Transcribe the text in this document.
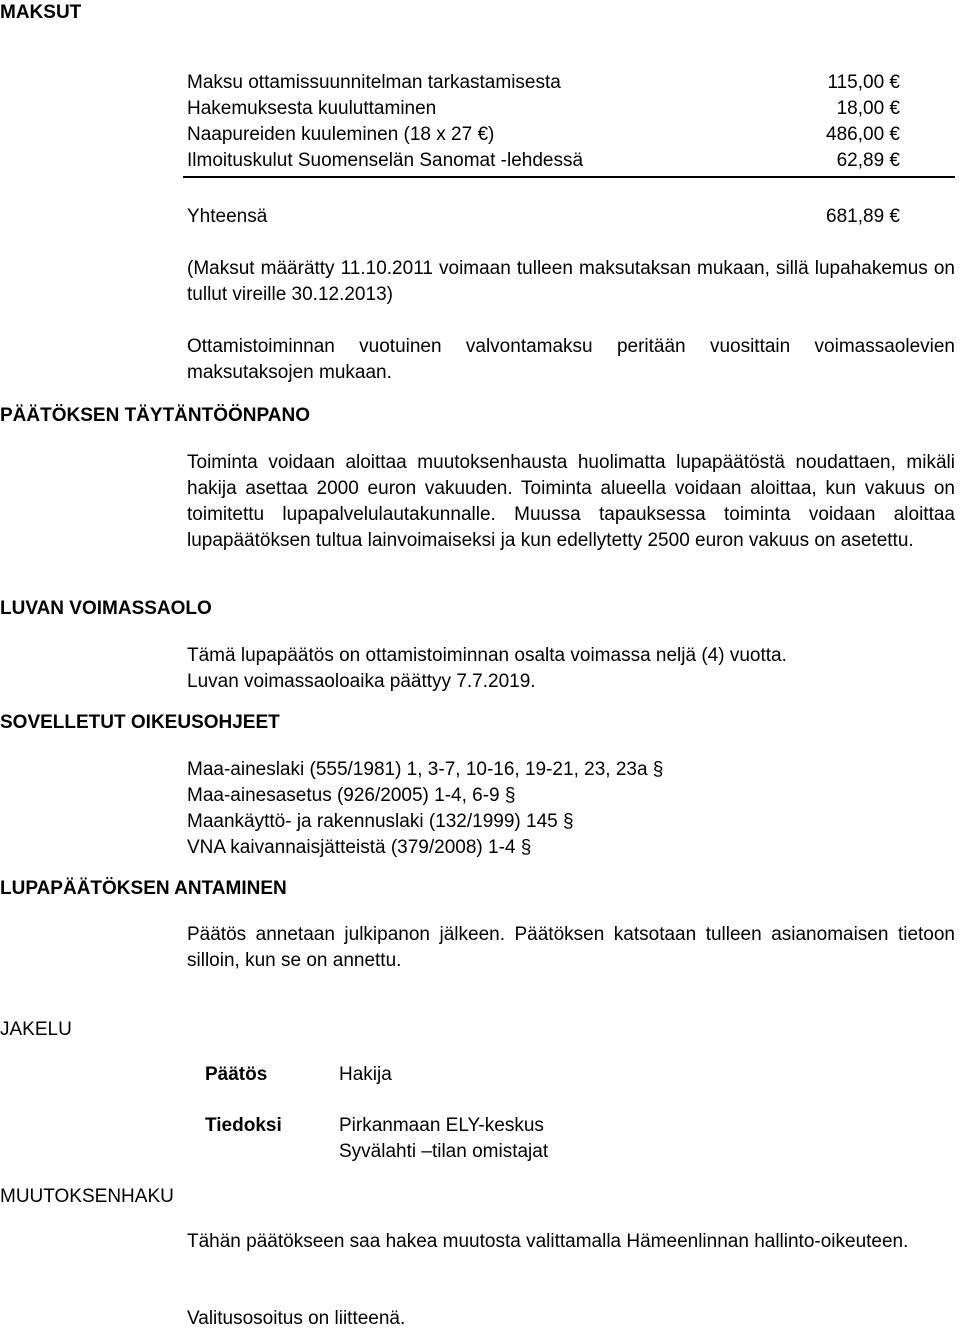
MAKSUT
PÄÄTÖKSEN TÄYTÄNTÖÖNPANO
LUVAN VOIMASSAOLO
SOVELLETUT OIKEUSOHJEET
LUPAPÄÄTÖKSEN ANTAMINEN
JAKELU
MUUTOKSENHAKU
Maksu ottamissuunnitelman tarkastamisesta	115,00 €
Hakemuksesta kuuluttaminen	18,00 €
Naapureiden kuuleminen (18 x 27 €)	486,00 €
Ilmoituskulut Suomenselän Sanomat -lehdessä	62,89 €
Yhteensä	681,89 €
(Maksut määrätty 11.10.2011 voimaan tulleen maksutaksan mukaan, sillä lupahakemus on tullut vireille 30.12.2013)
Ottamistoiminnan vuotuinen valvontamaksu peritään vuosittain voimassaolevien maksutaksojen mukaan.
Toiminta voidaan aloittaa muutoksenhausta huolimatta lupapäätöstä noudattaen, mikäli hakija asettaa 2000 euron vakuuden. Toiminta alueella voidaan aloittaa, kun vakuus on toimitettu lupapalvelulautakunnalle. Muussa tapauksessa toiminta voidaan aloittaa lupapäätöksen tultua lainvoimaiseksi ja kun edellytetty 2500 euron vakuus on asetettu.
Tämä lupapäätös on ottamistoiminnan osalta voimassa neljä (4) vuotta.
Luvan voimassaoloaika päättyy 7.7.2019.
Maa-aineslaki (555/1981) 1, 3-7, 10-16, 19-21, 23, 23a §
Maa-ainesasetus (926/2005) 1-4, 6-9 §
Maankäyttö- ja rakennuslaki (132/1999) 145 §
VNA kaivannaisjätteistä (379/2008) 1-4 §
Päätös annetaan julkipanon jälkeen. Päätöksen katsotaan tulleen asianomaisen tietoon silloin, kun se on annettu.
Päätös	Hakija
Tiedoksi	Pirkanmaan ELY-keskus
Syvälahti –tilan omistajat
Tähän päätökseen saa hakea muutosta valittamalla Hämeenlinnan hallinto-oikeuteen.
Valitusosoitus on liitteenä.
